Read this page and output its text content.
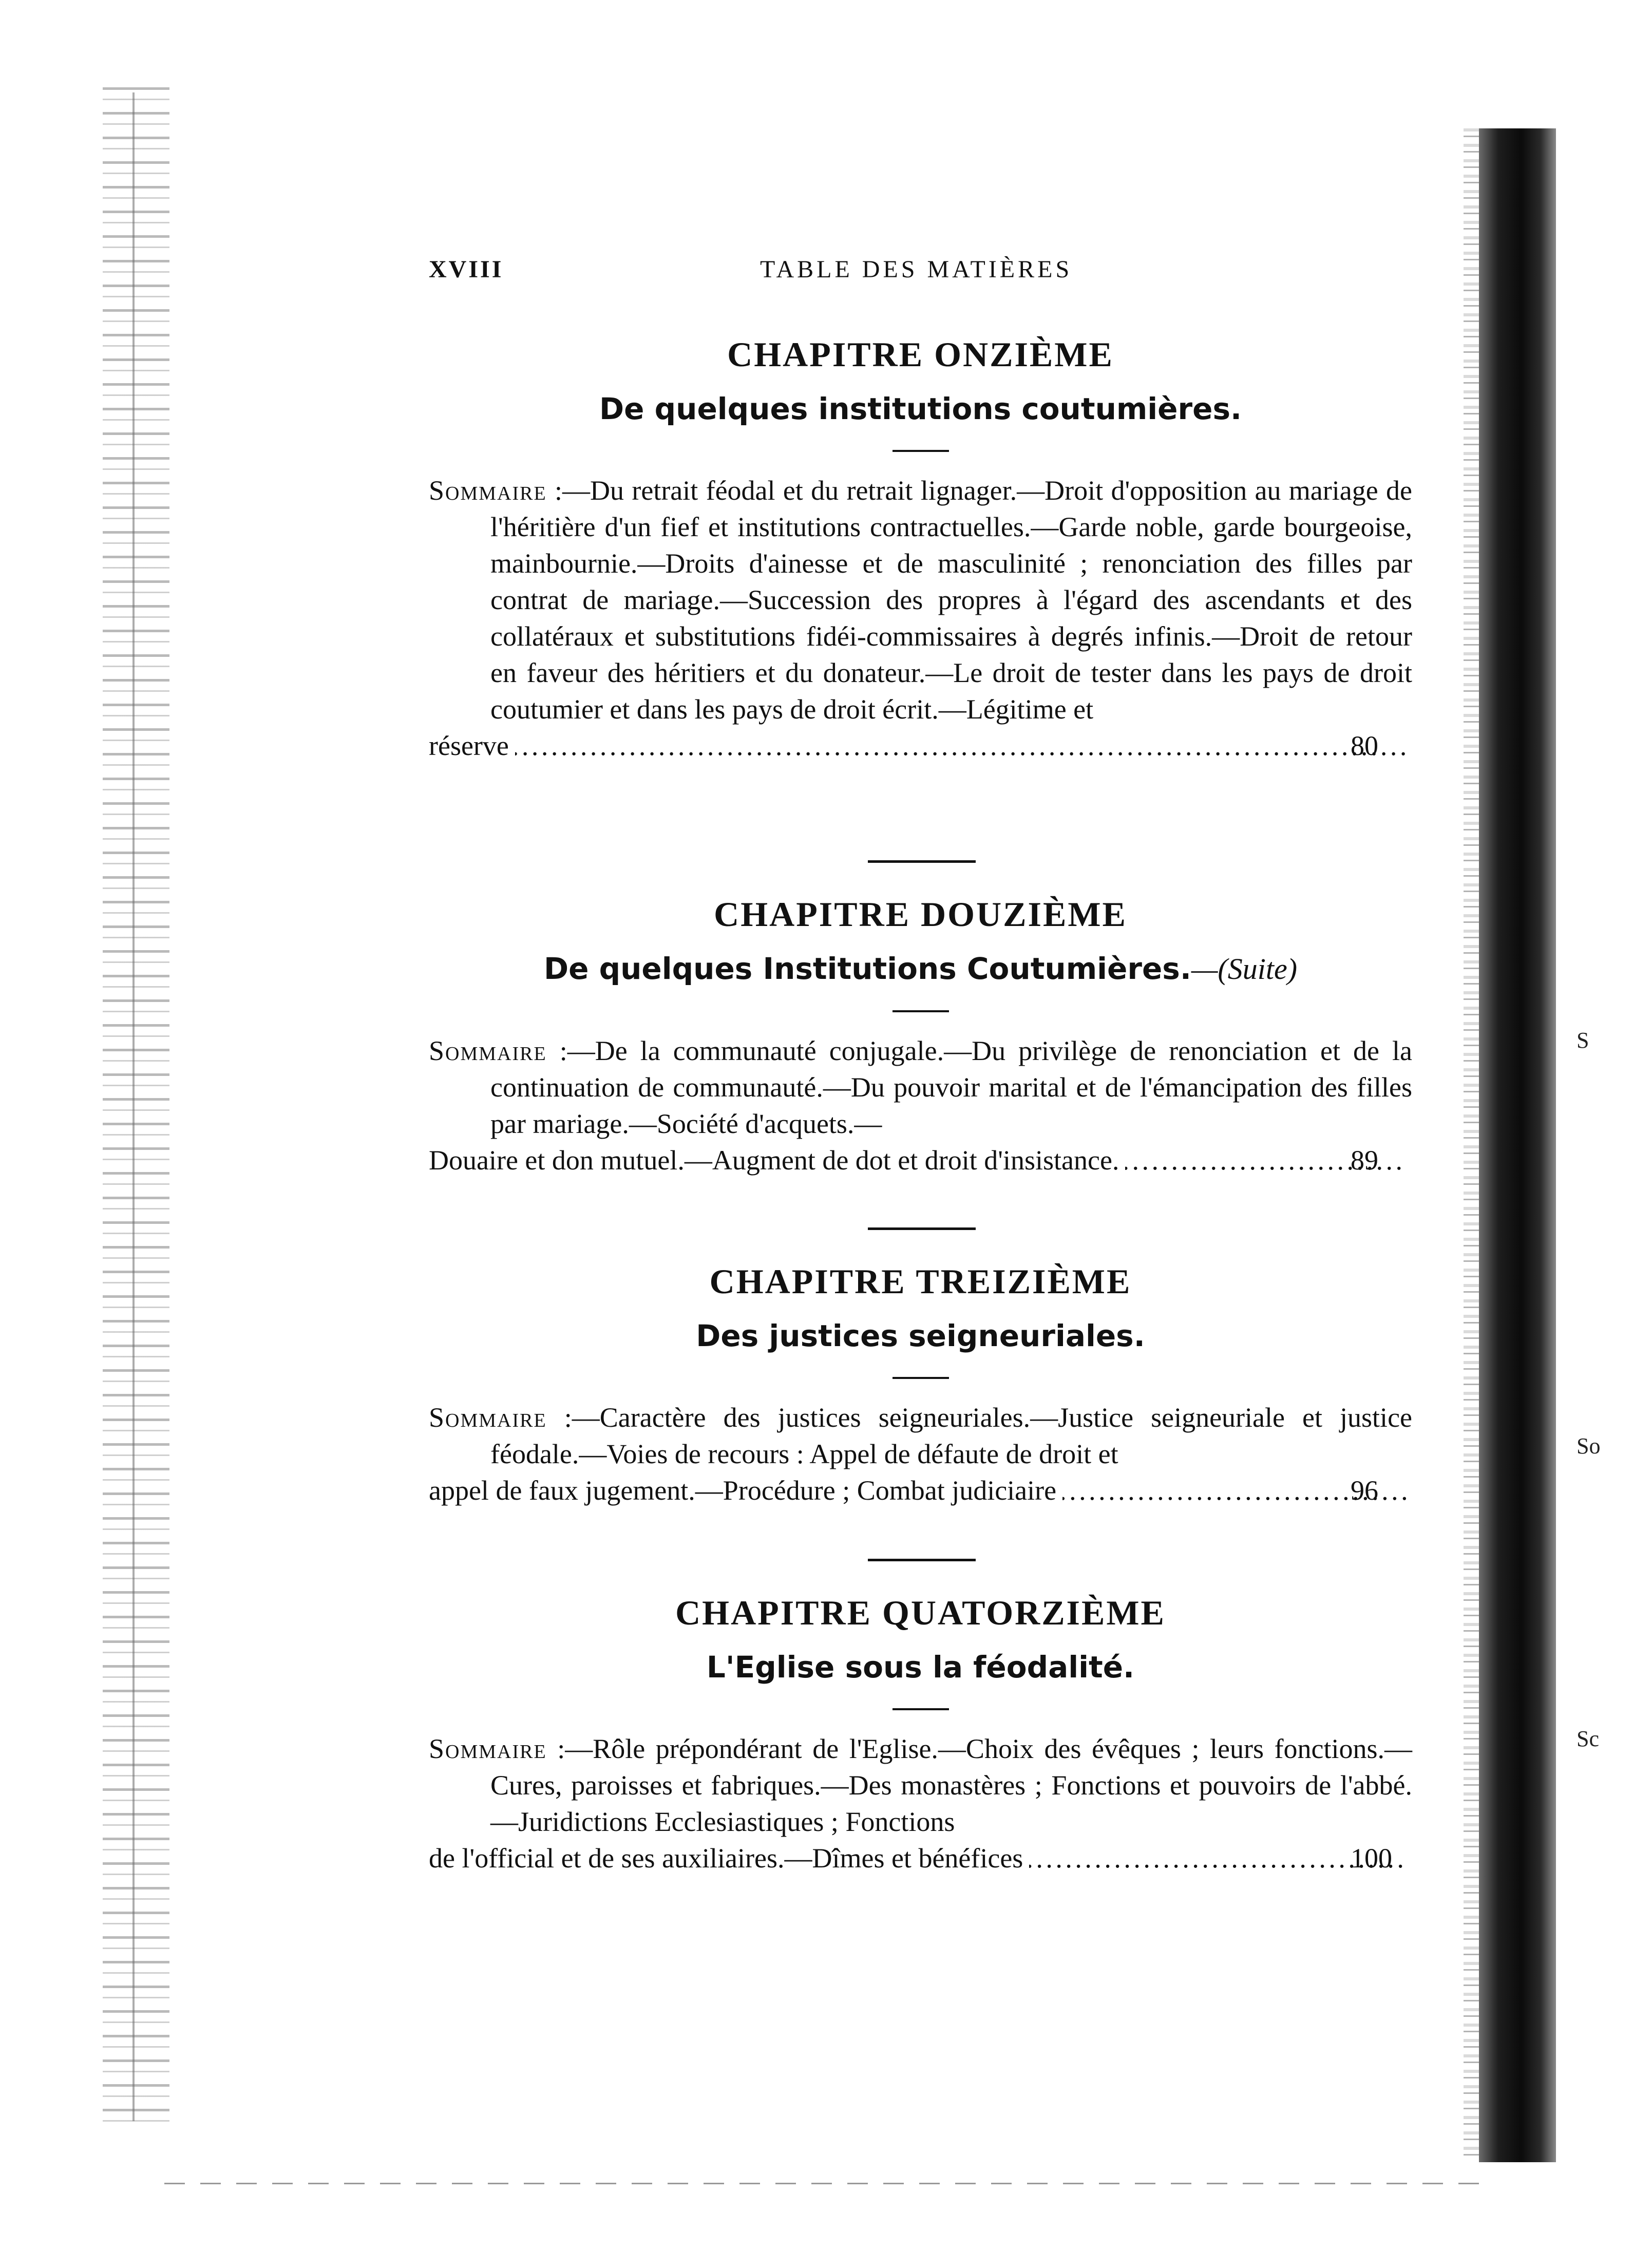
S
So
Sc
XVIII	TABLE DES MATIÈRES
CHAPITRE ONZIÈME
De quelques institutions coutumières.

Sommaire :—Du retrait féodal et du retrait lignager.—Droit d'opposition au mariage de l'héritière d'un fief et institutions contractuelles.—Garde noble, garde bourgeoise, mainbournie.—Droits d'ainesse et de masculinité ; renonciation des filles par contrat de mariage.—Succession des propres à l'égard des ascendants et des collatéraux et substitutions fidéi-commissaires à degrés infinis.—Droit de retour en faveur des héritiers et du donateur.—Le droit de tester dans les pays de droit coutumier et dans les pays de droit écrit.—Légitime et
réserve . . .	80

CHAPITRE DOUZIÈME
De quelques Institutions Coutumières.—(Suite)

Sommaire :—De la communauté conjugale.—Du privilège de renonciation et de la continuation de communauté.—Du pouvoir marital et de l'émancipation des filles par mariage.—Société d'acquets.—
Douaire et don mutuel.—Augment de dot et droit d'insistance. . . .	89

CHAPITRE TREIZIÈME
Des justices seigneuriales.

Sommaire :—Caractère des justices seigneuriales.—Justice seigneuriale et justice féodale.—Voies de recours : Appel de défaute de droit et
appel de faux jugement.—Procédure ; Combat judiciaire . . .	96

CHAPITRE QUATORZIÈME
L'Eglise sous la féodalité.

Sommaire :—Rôle prépondérant de l'Eglise.—Choix des évêques ; leurs fonctions.—Cures, paroisses et fabriques.—Des monastères ; Fonctions et pouvoirs de l'abbé.—Juridictions Ecclesiastiques ; Fonctions
de l'official et de ses auxiliaires.—Dîmes et bénéfices . . .	100
